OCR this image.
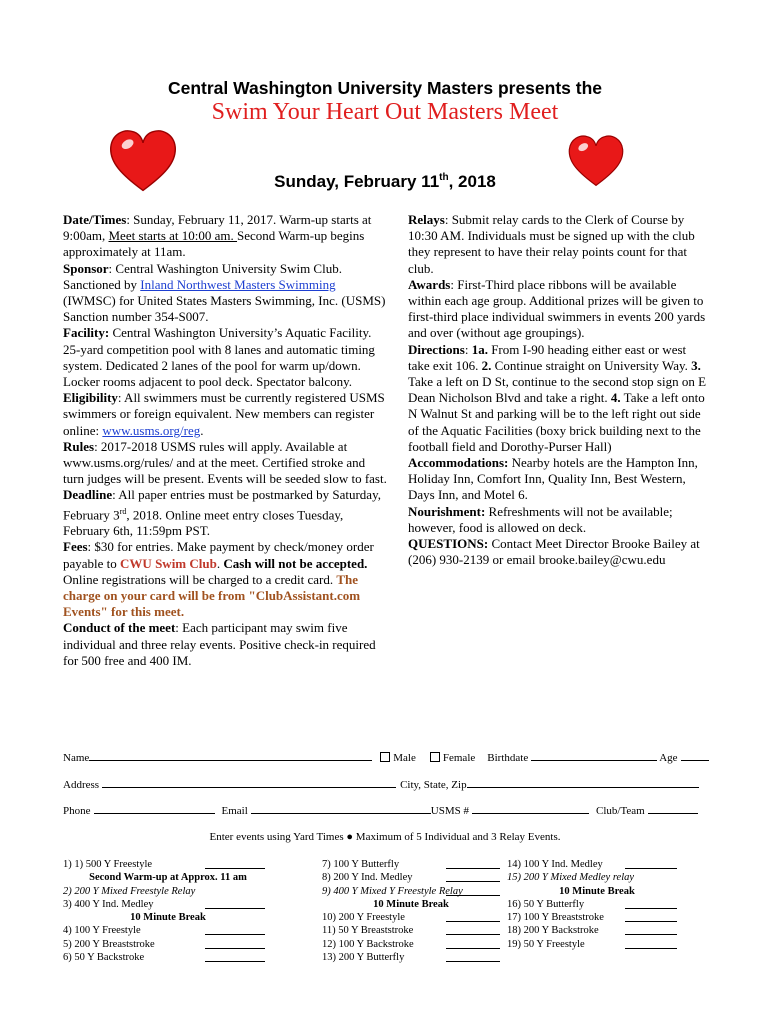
Central Washington University Masters presents the
Swim Your Heart Out Masters Meet
Sunday, February 11th, 2018

Date/Times: Sunday, February 11, 2017. Warm-up starts at 9:00am, Meet starts at 10:00 am. Second Warm-up begins approximately at 11am.

Sponsor: Central Washington University Swim Club. Sanctioned by Inland Northwest Masters Swimming (IWMSC) for United States Masters Swimming, Inc. (USMS) Sanction number 354-S007.

Facility: Central Washington University’s Aquatic Facility. 25-yard competition pool with 8 lanes and automatic timing system. Dedicated 2 lanes of the pool for warm up/down. Locker rooms adjacent to pool deck. Spectator balcony.

Eligibility: All swimmers must be currently registered USMS swimmers or foreign equivalent. New members can register online: www.usms.org/reg.

Rules: 2017-2018 USMS rules will apply. Available at www.usms.org/rules/ and at the meet. Certified stroke and turn judges will be present. Events will be seeded slow to fast.

Deadline: All paper entries must be postmarked by Saturday, February 3rd, 2018. Online meet entry closes Tuesday, February 6th, 11:59pm PST.

Fees: $30 for entries. Make payment by check/money order payable to CWU Swim Club. Cash will not be accepted. Online registrations will be charged to a credit card. The charge on your card will be from "ClubAssistant.com Events" for this meet.

Conduct of the meet: Each participant may swim five individual and three relay events. Positive check-in required for 500 free and 400 IM.

Relays: Submit relay cards to the Clerk of Course by 10:30 AM. Individuals must be signed up with the club they represent to have their relay points count for that club.

Awards: First-Third place ribbons will be available within each age group. Additional prizes will be given to first-third place individual swimmers in events 200 yards and over (without age groupings).

Directions: 1a. From I-90 heading either east or west take exit 106. 2. Continue straight on University Way. 3. Take a left on D St, continue to the second stop sign on E Dean Nicholson Blvd and take a right. 4. Take a left onto N Walnut St and parking will be to the left right out side of the Aquatic Facilities (boxy brick building next to the football field and Dorothy-Purser Hall)

Accommodations: Nearby hotels are the Hampton Inn, Holiday Inn, Comfort Inn, Quality Inn, Best Western, Days Inn, and Motel 6.

Nourishment: Refreshments will not be available; however, food is allowed on deck.

QUESTIONS: Contact Meet Director Brooke Bailey at (206) 930-2139 or email brooke.bailey@cwu.edu

Name	Male Female Birthdate	Age
Address	City, State, Zip
Phone	Email	USMS #	Club/Team
Enter events using Yard Times ● Maximum of 5 Individual and 3 Relay Events.
1) 1) 500 Y Freestyle
Second Warm-up at Approx. 11 am
2) 200 Y Mixed Freestyle Relay
3) 400 Y Ind. Medley
10 Minute Break
4) 100 Y Freestyle
5) 200 Y Breaststroke
6) 50 Y Backstroke
7) 100 Y Butterfly
8) 200 Y Ind. Medley
9) 400 Y Mixed Y Freestyle Relay
10 Minute Break
10) 200 Y Freestyle
11) 50 Y Breaststroke
12) 100 Y Backstroke
13) 200 Y Butterfly
14) 100 Y Ind. Medley
15) 200 Y Mixed Medley relay
10 Minute Break
16) 50 Y Butterfly
17) 100 Y Breaststroke
18) 200 Y Backstroke
19) 50 Y Freestyle
